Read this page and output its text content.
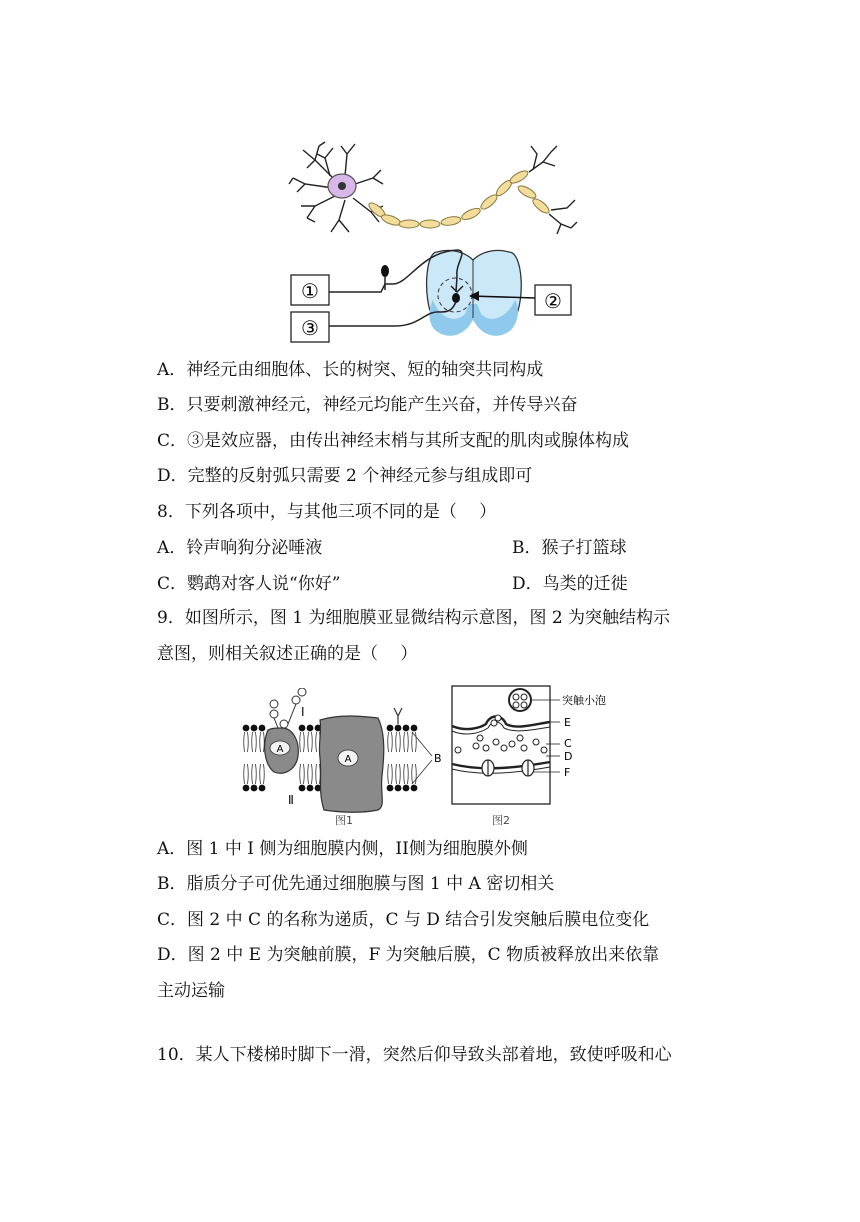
①
③
②
A．神经元由细胞体、长的树突、短的轴突共同构成
B．只要刺激神经元，神经元均能产生兴奋，并传导兴奋
C．③是效应器，由传出神经末梢与其所支配的肌肉或腺体构成
D．完整的反射弧只需要 2 个神经元参与组成即可
8．下列各项中，与其他三项不同的是（　 ）
A．铃声响狗分泌唾液	B．猴子打篮球
C．鹦鹉对客人说“你好”	D．鸟类的迁徙
9．如图所示，图 1 为细胞膜亚显微结构示意图，图 2 为突触结构示
意图，则相关叙述正确的是（　 ）
A
A
I
Ⅱ
B
图1
突触小泡
E
C
D
F
图2
A．图 1 中 I 侧为细胞膜内侧，II侧为细胞膜外侧
B．脂质分子可优先通过细胞膜与图 1 中 A 密切相关
C．图 2 中 C 的名称为递质，C 与 D 结合引发突触后膜电位变化
D．图 2 中 E 为突触前膜，F 为突触后膜，C 物质被释放出来依靠
主动运输
10．某人下楼梯时脚下一滑，突然后仰导致头部着地，致使呼吸和心
